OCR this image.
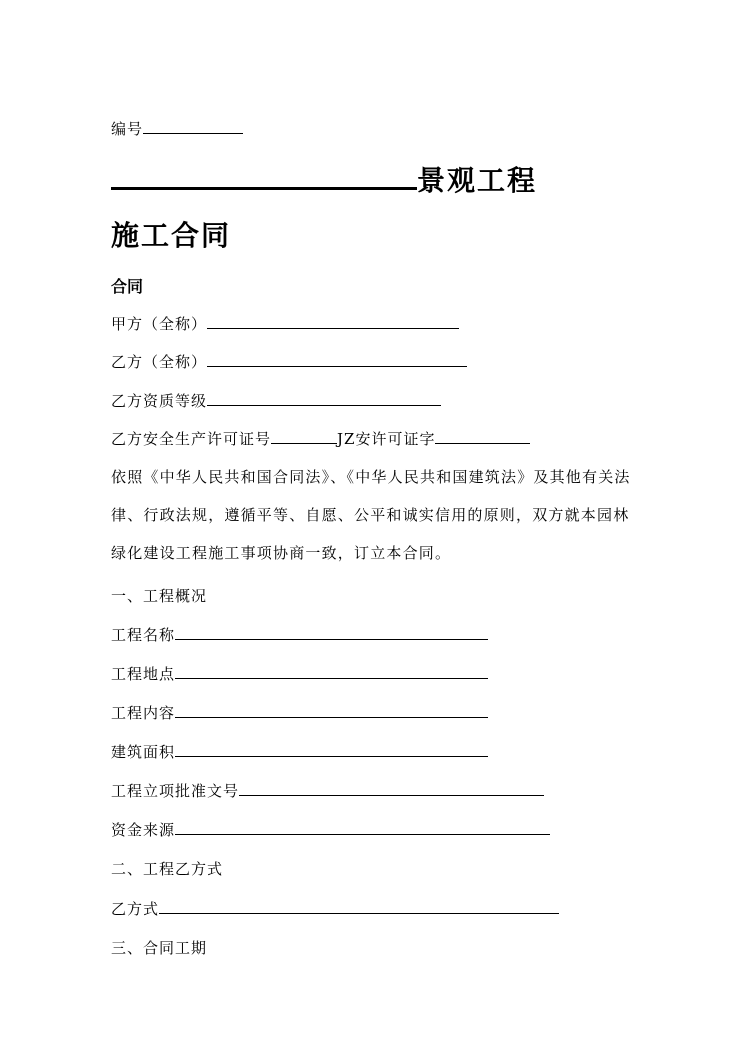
编号
景观工程
施工合同
合同
甲方（全称）
乙方（全称）
乙方资质等级
乙方安全生产许可证号	JZ安许可证字
依照《中华人民共和国合同法》、《中华人民共和国建筑法》及其他有关法律、行政法规，遵循平等、自愿、公平和诚实信用的原则，双方就本园林绿化建设工程施工事项协商一致，订立本合同。
一、工程概况
工程名称
工程地点
工程内容
建筑面积
工程立项批准文号
资金来源
二、工程乙方式
乙方式
三、合同工期
